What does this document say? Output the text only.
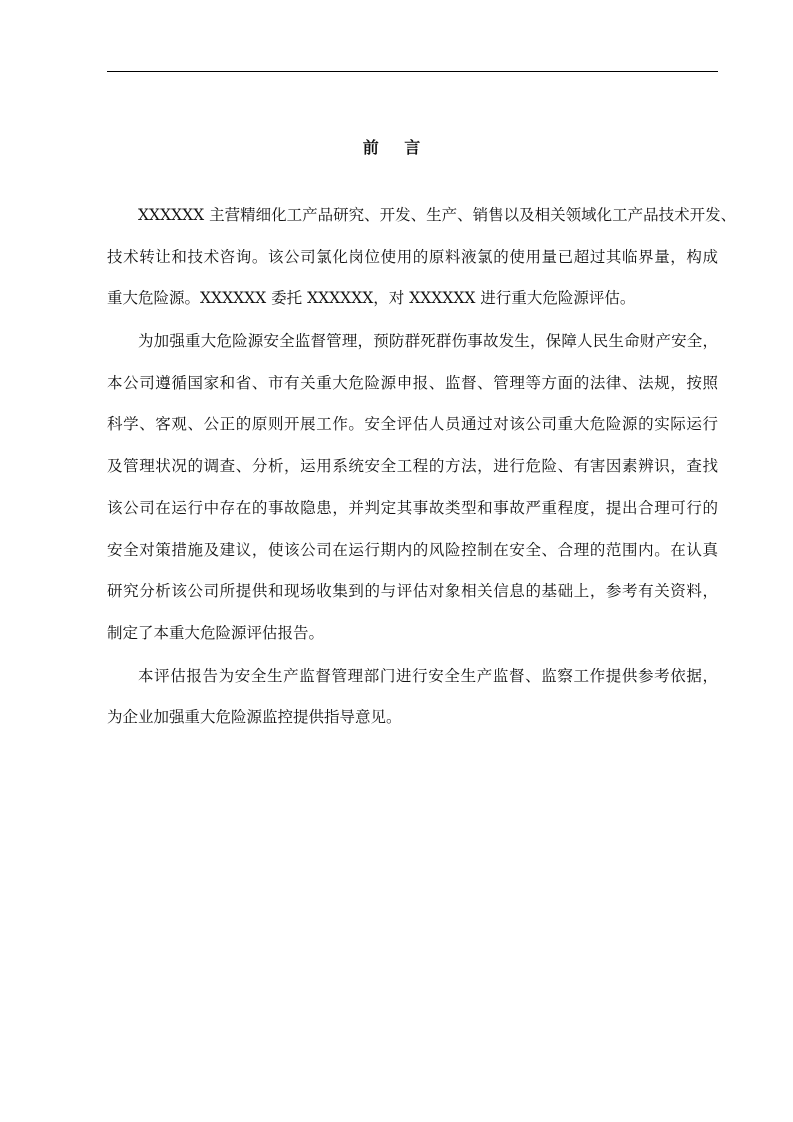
前 言
XXXXXX 主营精细化工产品研究、开发、生产、销售以及相关领域化工产品技术开发、
技术转让和技术咨询。该公司氯化岗位使用的原料液氯的使用量已超过其临界量，构成
重大危险源。XXXXXX 委托 XXXXXX，对 XXXXXX 进行重大危险源评估。
为加强重大危险源安全监督管理，预防群死群伤事故发生，保障人民生命财产安全，
本公司遵循国家和省、市有关重大危险源申报、监督、管理等方面的法律、法规，按照
科学、客观、公正的原则开展工作。安全评估人员通过对该公司重大危险源的实际运行
及管理状况的调查、分析，运用系统安全工程的方法，进行危险、有害因素辨识，查找
该公司在运行中存在的事故隐患，并判定其事故类型和事故严重程度，提出合理可行的
安全对策措施及建议，使该公司在运行期内的风险控制在安全、合理的范围内。在认真
研究分析该公司所提供和现场收集到的与评估对象相关信息的基础上，参考有关资料，
制定了本重大危险源评估报告。
本评估报告为安全生产监督管理部门进行安全生产监督、监察工作提供参考依据，
为企业加强重大危险源监控提供指导意见。
